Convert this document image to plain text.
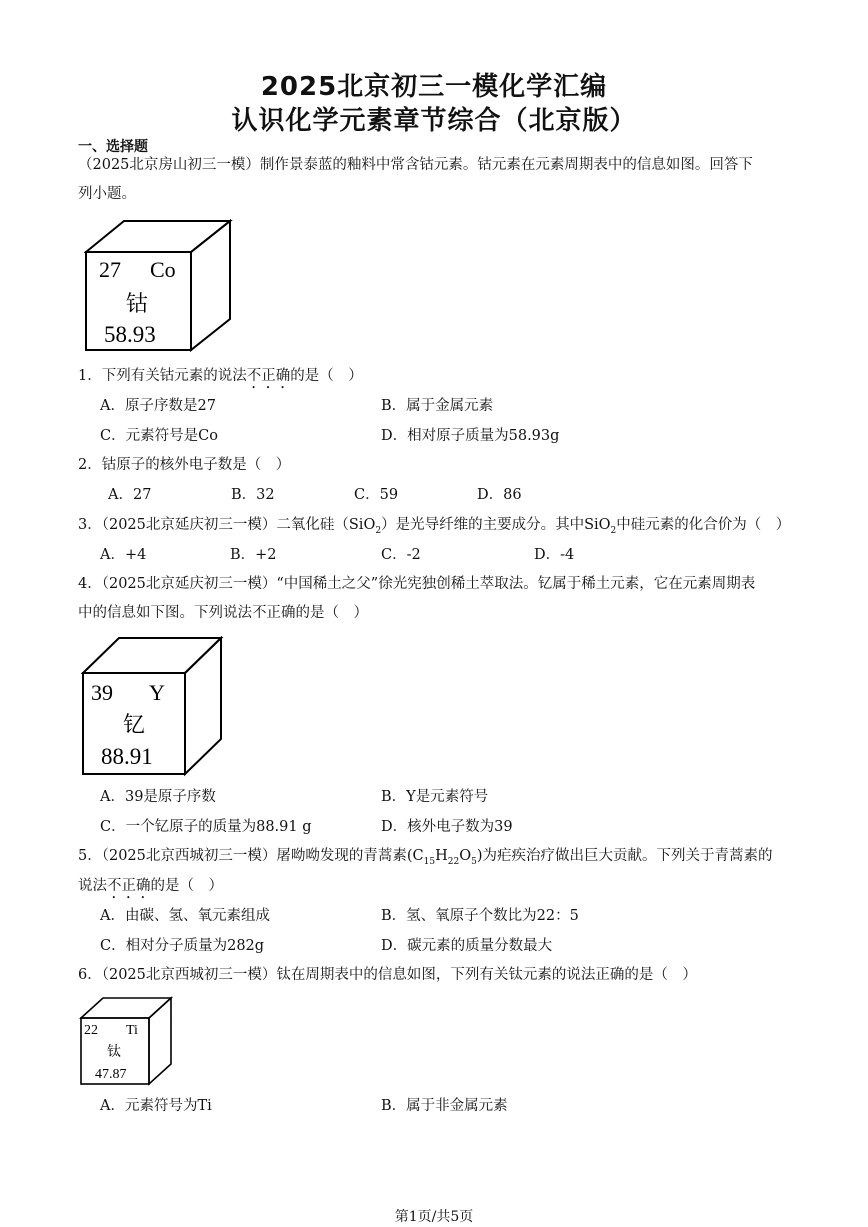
2025北京初三一模化学汇编
认识化学元素章节综合（北京版）
一、选择题
（2025北京房山初三一模）制作景泰蓝的釉料中常含钴元素。钴元素在元素周期表中的信息如图。回答下
列小题。
27 Co
钴
58.93
1．下列有关钴元素的说法不正确的是（　）
A．原子序数是27	B．属于金属元素
C．元素符号是Co	D．相对原子质量为58.93g
2．钴原子的核外电子数是（　）
A．27	B．32	C．59	D．86
3．（2025北京延庆初三一模）二氧化硅（SiO$_2$）是光导纤维的主要成分。其中SiO$_2$中硅元素的化合价为（　）
A．+4	B．+2	C．-2	D．-4
4．（2025北京延庆初三一模）“中国稀土之父”徐光宪独创稀土萃取法。钇属于稀土元素，它在元素周期表
中的信息如下图。下列说法不正确的是（　）
39 Y
钇
88.91
A．39是原子序数	B．Y是元素符号
C．一个钇原子的质量为88.91 g	D．核外电子数为39
5．（2025北京西城初三一模）屠呦呦发现的青蒿素$(C_{15}H_{22}O_5)$为疟疾治疗做出巨大贡献。下列关于青蒿素的
说法不正确的是（　）
A．由碳、氢、氧元素组成	B．氢、氧原子个数比为22：5
C．相对分子质量为282g	D．碳元素的质量分数最大
6．（2025北京西城初三一模）钛在周期表中的信息如图，下列有关钛元素的说法正确的是（　）
22 Ti
钛
47.87
A．元素符号为Ti	B．属于非金属元素
第1页/共5页
